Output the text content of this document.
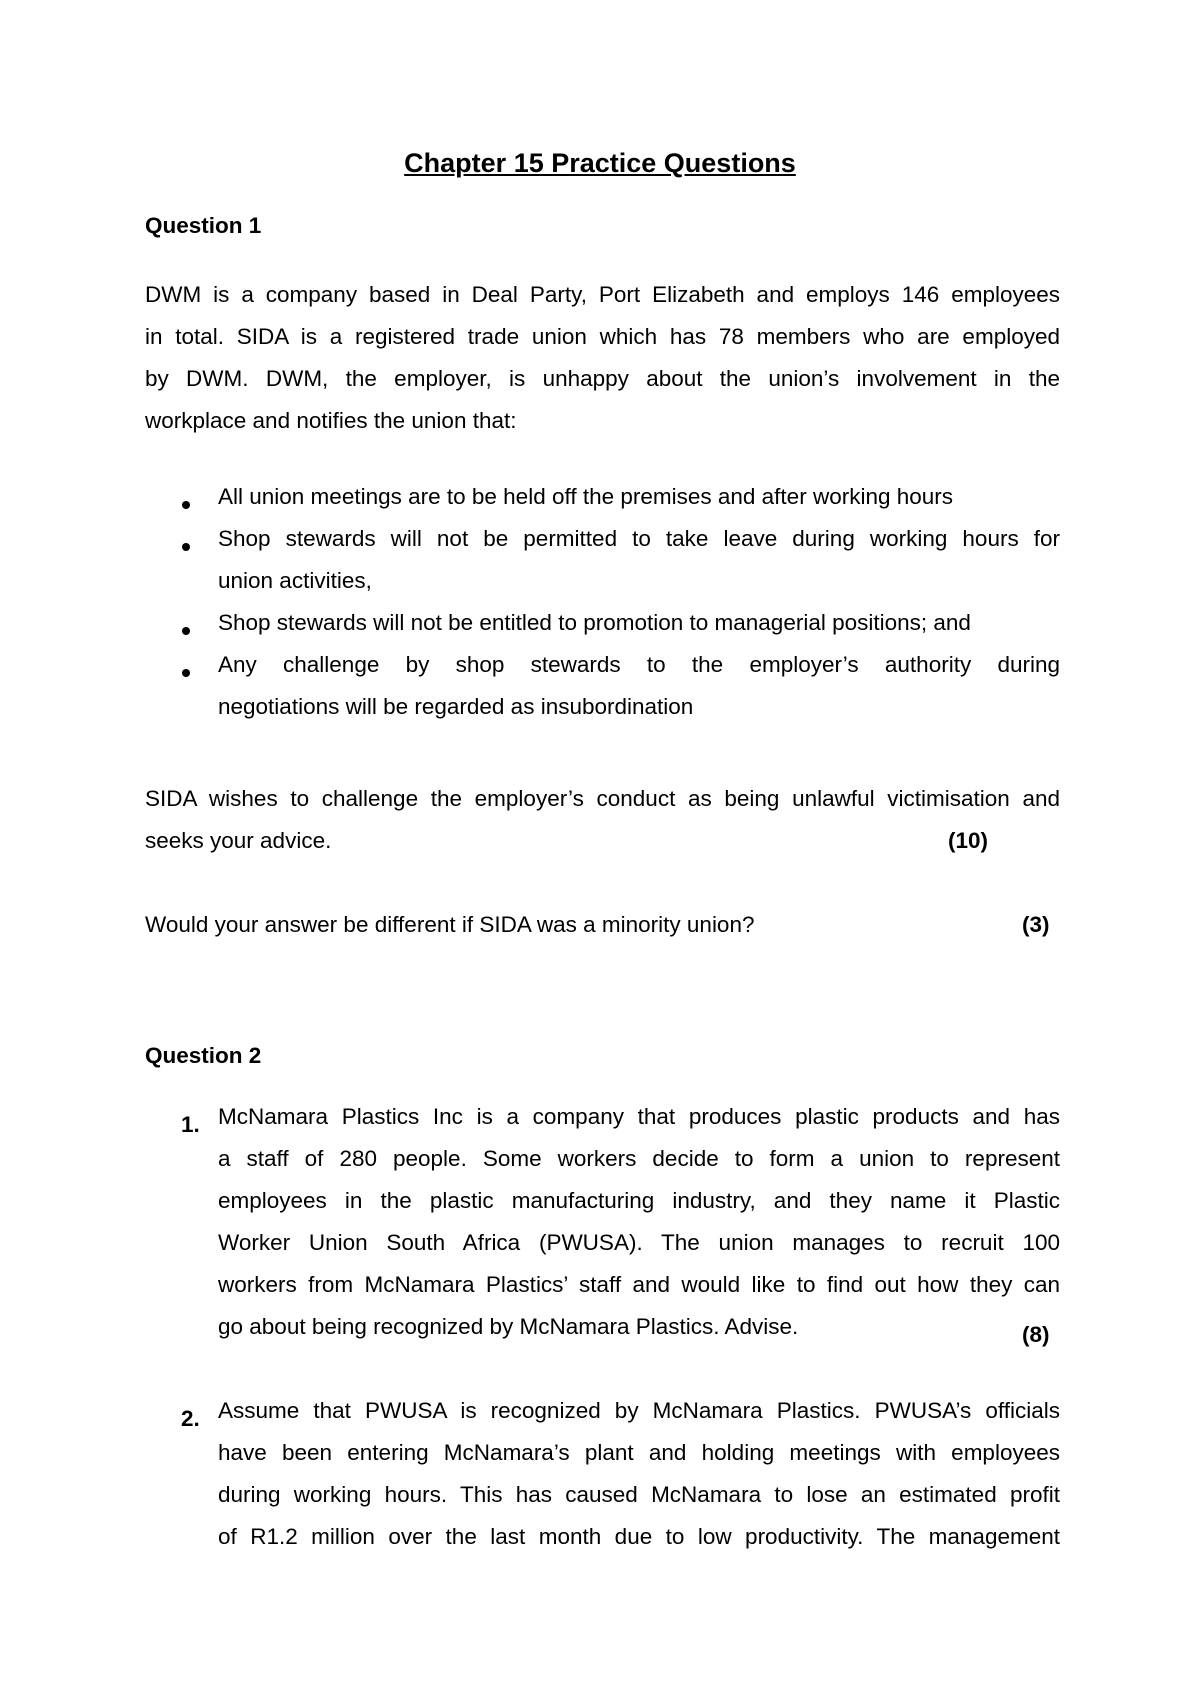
Chapter 15 Practice Questions
Question 1
DWM is a company based in Deal Party, Port Elizabeth and employs 146 employees
in total. SIDA is a registered trade union which has 78 members who are employed
by DWM. DWM, the employer, is unhappy about the union’s involvement in the
workplace and notifies the union that:
All union meetings are to be held off the premises and after working hours
Shop stewards will not be permitted to take leave during working hours for
union activities,
Shop stewards will not be entitled to promotion to managerial positions; and
Any challenge by shop stewards to the employer’s authority during
negotiations will be regarded as insubordination
SIDA wishes to challenge the employer’s conduct as being unlawful victimisation and
seeks your advice.	(10)
Would your answer be different if SIDA was a minority union?	(3)
Question 2
1. McNamara Plastics Inc is a company that produces plastic products and has
a staff of 280 people. Some workers decide to form a union to represent
employees in the plastic manufacturing industry, and they name it Plastic
Worker Union South Africa (PWUSA). The union manages to recruit 100
workers from McNamara Plastics’ staff and would like to find out how they can
go about being recognized by McNamara Plastics. Advise.	(8)
2. Assume that PWUSA is recognized by McNamara Plastics. PWUSA’s officials
have been entering McNamara’s plant and holding meetings with employees
during working hours. This has caused McNamara to lose an estimated profit
of R1.2 million over the last month due to low productivity. The management
